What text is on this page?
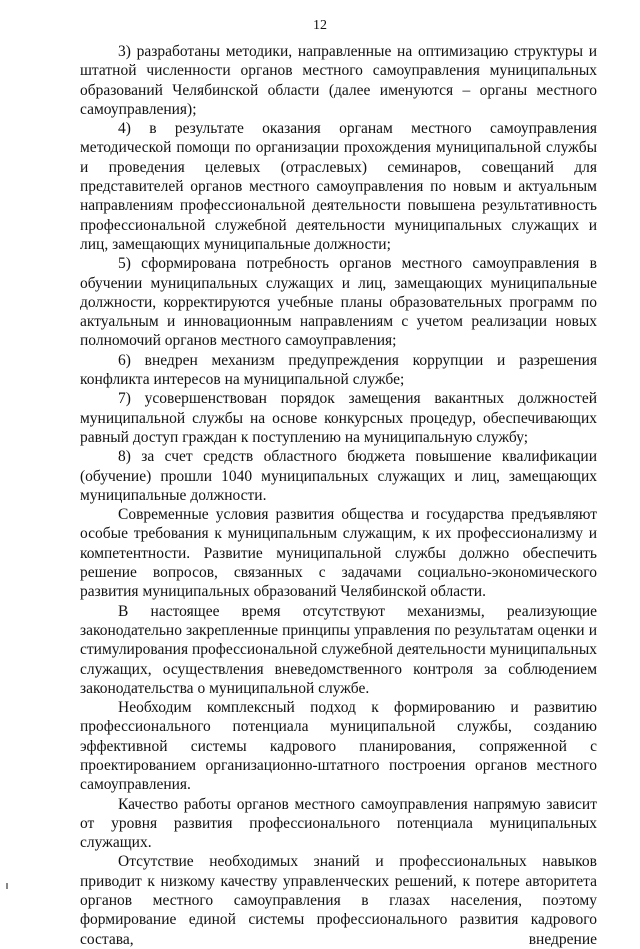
12

3) разработаны методики, направленные на оптимизацию структуры и штатной численности органов местного самоуправления муниципальных образований Челябинской области (далее именуются – органы местного самоуправления);

4) в результате оказания органам местного самоуправления методической помощи по организации прохождения муниципальной службы и проведения целевых (отраслевых) семинаров, совещаний для представителей органов местного самоуправления по новым и актуальным направлениям профессиональной деятельности повышена результативность профессиональной служебной деятельности муниципальных служащих и лиц, замещающих муниципальные должности;

5) сформирована потребность органов местного самоуправления в обучении муниципальных служащих и лиц, замещающих муниципальные должности, корректируются учебные планы образовательных программ по актуальным и инновационным направлениям с учетом реализации новых полномочий органов местного самоуправления;

6) внедрен механизм предупреждения коррупции и разрешения конфликта интересов на муниципальной службе;

7) усовершенствован порядок замещения вакантных должностей муниципальной службы на основе конкурсных процедур, обеспечивающих равный доступ граждан к поступлению на муниципальную службу;

8) за счет средств областного бюджета повышение квалификации (обучение) прошли 1040 муниципальных служащих и лиц, замещающих муниципальные должности.

Современные условия развития общества и государства предъявляют особые требования к муниципальным служащим, к их профессионализму и компетентности. Развитие муниципальной службы должно обеспечить решение вопросов, связанных с задачами социально-экономического развития муниципальных образований Челябинской области.

В настоящее время отсутствуют механизмы, реализующие законодательно закрепленные принципы управления по результатам оценки и стимулирования профессиональной служебной деятельности муниципальных служащих, осуществления вневедомственного контроля за соблюдением законодательства о муниципальной службе.

Необходим комплексный подход к формированию и развитию профессионального потенциала муниципальной службы, созданию эффективной системы кадрового планирования, сопряженной с проектированием организационно-штатного построения органов местного самоуправления.

Качество работы органов местного самоуправления напрямую зависит от уровня развития профессионального потенциала муниципальных служащих.

Отсутствие необходимых знаний и профессиональных навыков приводит к низкому качеству управленческих решений, к потере авторитета органов местного самоуправления в глазах населения, поэтому формирование единой системы профессионального развития кадрового состава, внедрение
